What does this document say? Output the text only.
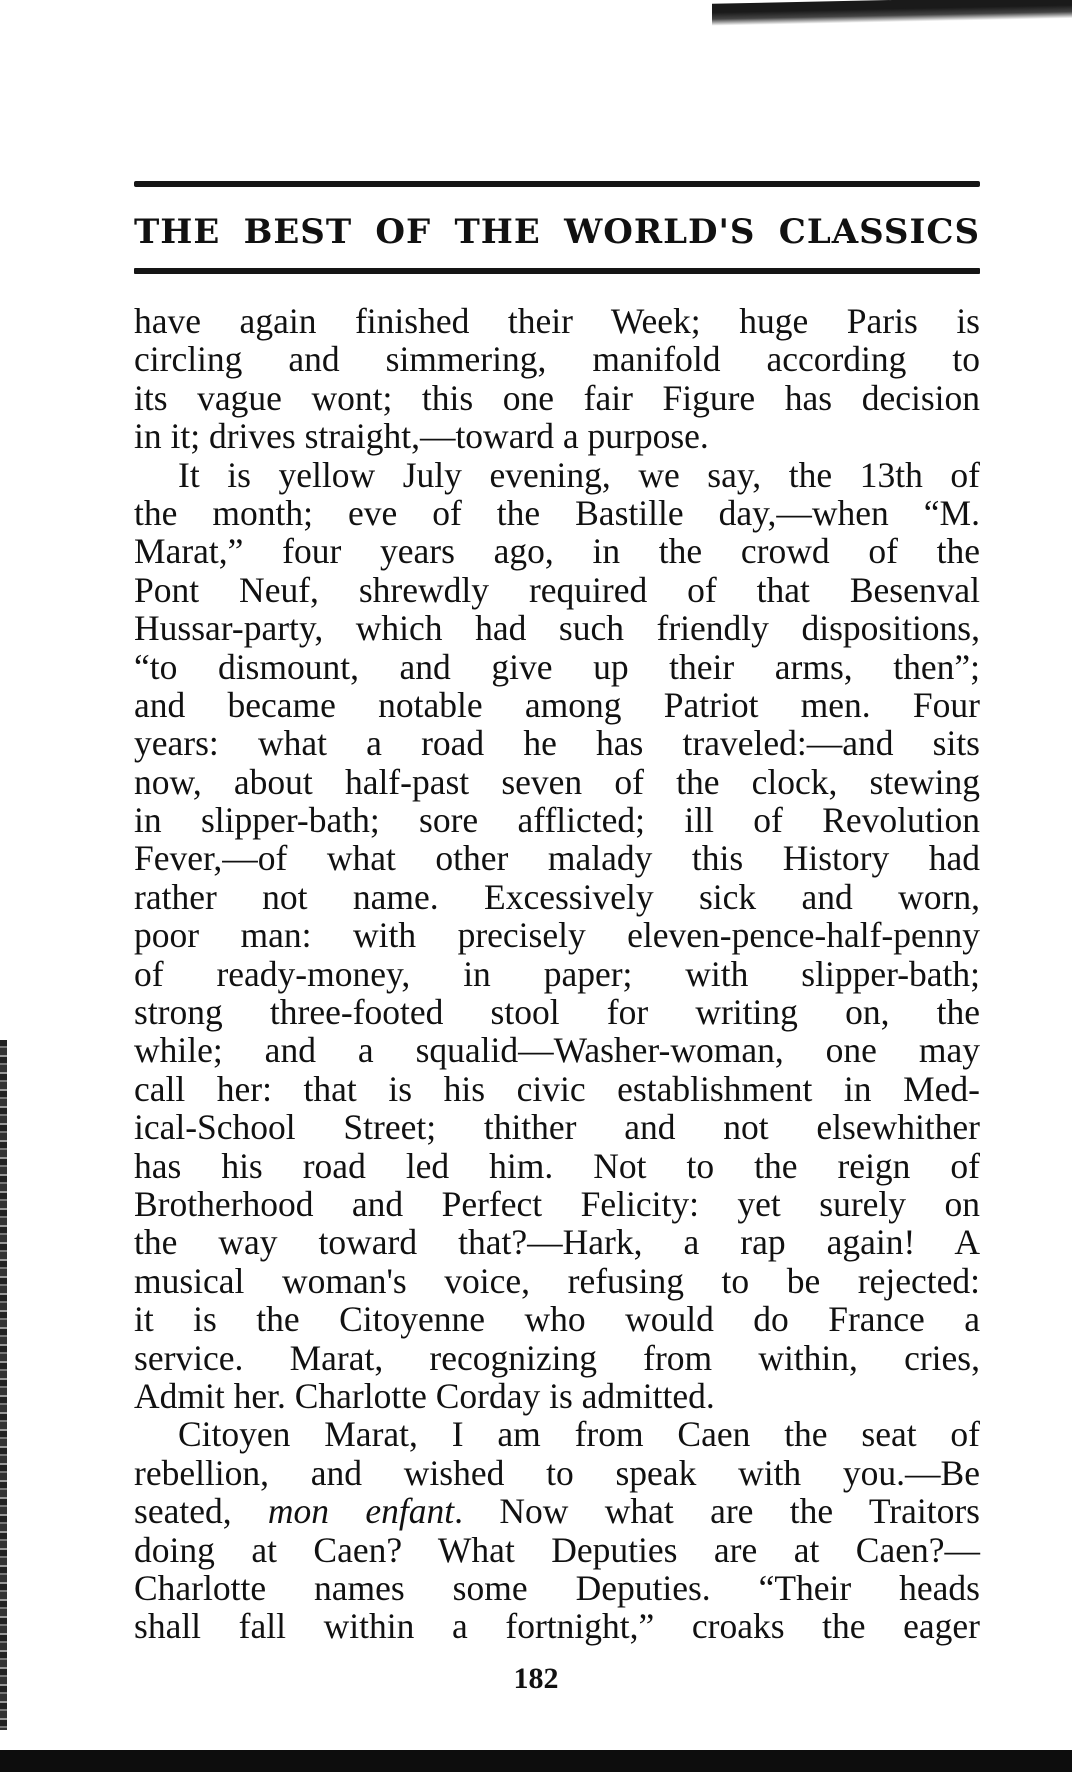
THE BEST OF THE WORLD'S CLASSICS
have again finished their Week; huge Paris is
circling and simmering, manifold according to
its vague wont; this one fair Figure has decision
in it; drives straight,—toward a purpose.
It is yellow July evening, we say, the 13th of
the month; eve of the Bastille day,—when “M.
Marat,” four years ago, in the crowd of the
Pont Neuf, shrewdly required of that Besenval
Hussar-party, which had such friendly dispositions,
“to dismount, and give up their arms, then”;
and became notable among Patriot men. Four
years: what a road he has traveled:—and sits
now, about half-past seven of the clock, stewing
in slipper-bath; sore afflicted; ill of Revolution
Fever,—of what other malady this History had
rather not name. Excessively sick and worn,
poor man: with precisely eleven-pence-half-penny
of ready-money, in paper; with slipper-bath;
strong three-footed stool for writing on, the
while; and a squalid—Washer-woman, one may
call her: that is his civic establishment in Med-
ical-School Street; thither and not elsewhither
has his road led him. Not to the reign of
Brotherhood and Perfect Felicity: yet surely on
the way toward that?—Hark, a rap again! A
musical woman's voice, refusing to be rejected:
it is the Citoyenne who would do France a
service. Marat, recognizing from within, cries,
Admit her. Charlotte Corday is admitted.
Citoyen Marat, I am from Caen the seat of
rebellion, and wished to speak with you.—Be
seated, mon enfant. Now what are the Traitors
doing at Caen? What Deputies are at Caen?—
Charlotte names some Deputies. “Their heads
shall fall within a fortnight,” croaks the eager
182
